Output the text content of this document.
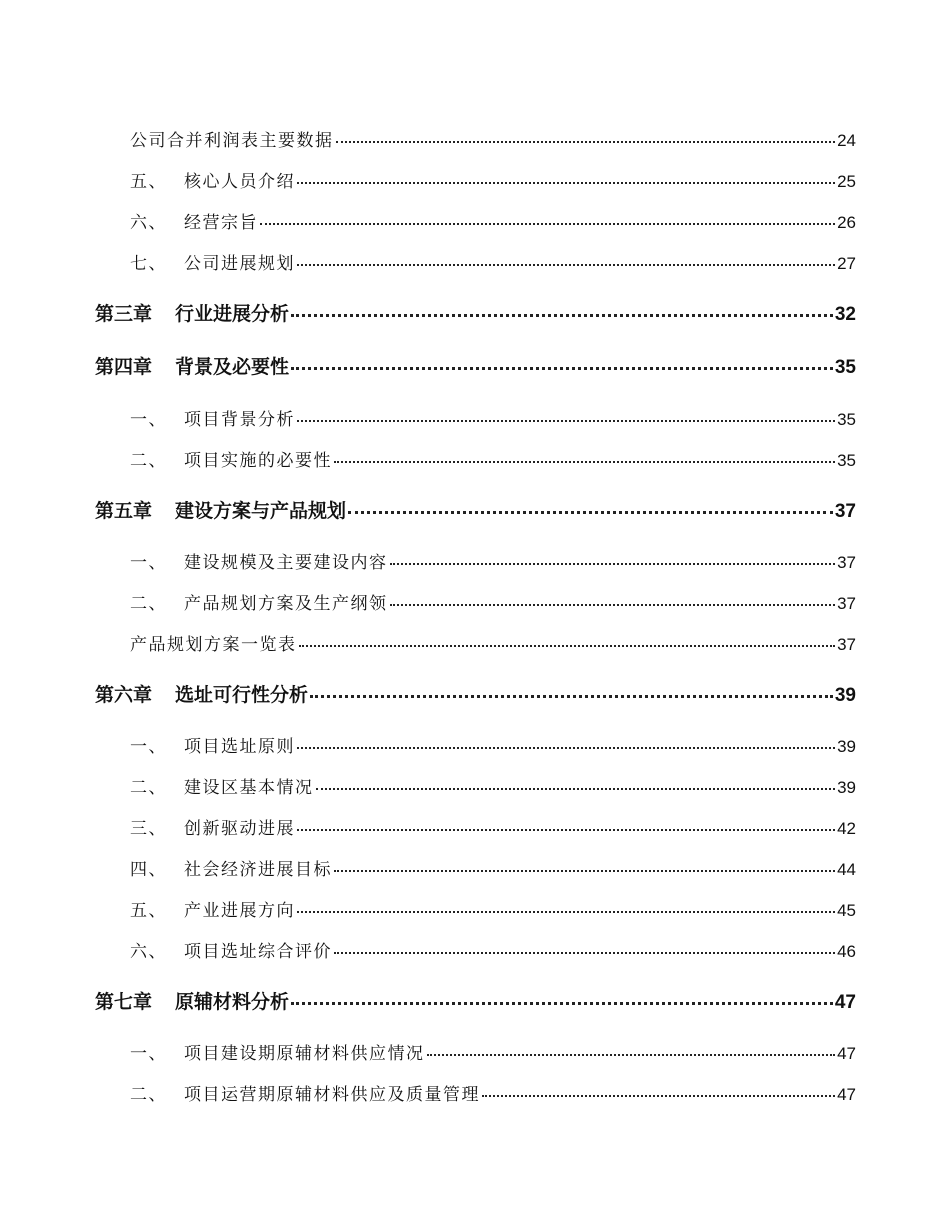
公司合并利润表主要数据	24
五、	核心人员介绍	25
六、	经营宗旨	26
七、	公司进展规划	27
第三章	行业进展分析	32
第四章	背景及必要性	35
一、	项目背景分析	35
二、	项目实施的必要性	35
第五章	建设方案与产品规划	37
一、	建设规模及主要建设内容	37
二、	产品规划方案及生产纲领	37
产品规划方案一览表	37
第六章	选址可行性分析	39
一、	项目选址原则	39
二、	建设区基本情况	39
三、	创新驱动进展	42
四、	社会经济进展目标	44
五、	产业进展方向	45
六、	项目选址综合评价	46
第七章	原辅材料分析	47
一、	项目建设期原辅材料供应情况	47
二、	项目运营期原辅材料供应及质量管理	47
